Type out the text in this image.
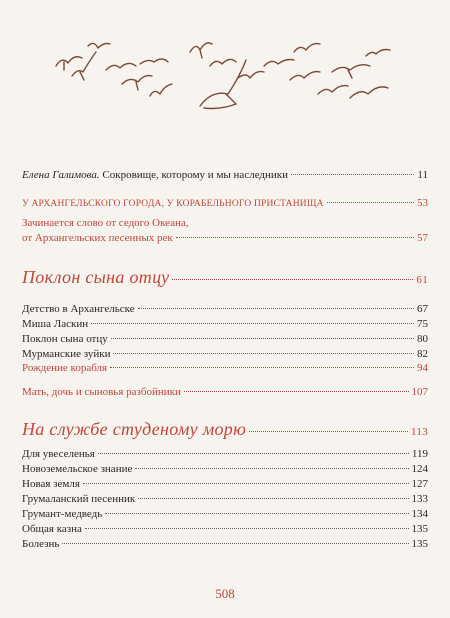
Елена Галимова. Сокровище, которому и мы наследники	11
У АРХАНГЕЛЬСКОГО ГОРОДА, У КОРАБЕЛЬНОГО ПРИСТАНИЩА	53
Зачинается слово от седого Океана,
от Архангельских песенных рек	57
Поклон сына отцу	61
Детство в Архангельске	67
Миша Ласкин	75
Поклон сына отцу	80
Мурманские зуйки	82
Рождение корабля	94
Мать, дочь и сыновья разбойники	107
На службе студеному морю	113
Для увеселенья	119
Новоземельское знание	124
Новая земля	127
Грумаланский песенник	133
Грумант-медведь	134
Общая казна	135
Болезнь	135
508
